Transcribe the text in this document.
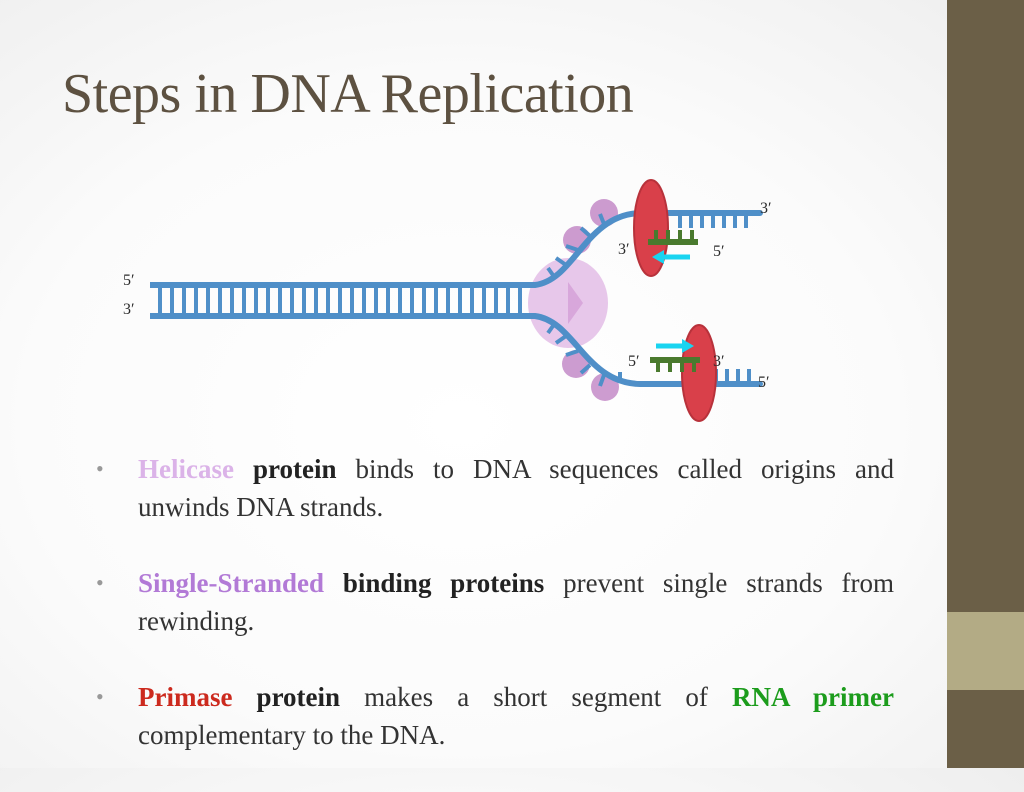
Steps in DNA Replication
5′
3′
3′
3′	5′
5′	3′
5′
• Helicase protein binds to DNA sequences called origins and unwinds DNA strands.
• Single-Stranded binding proteins prevent single strands from rewinding.
• Primase protein makes a short segment of RNA primer complementary to the DNA.
